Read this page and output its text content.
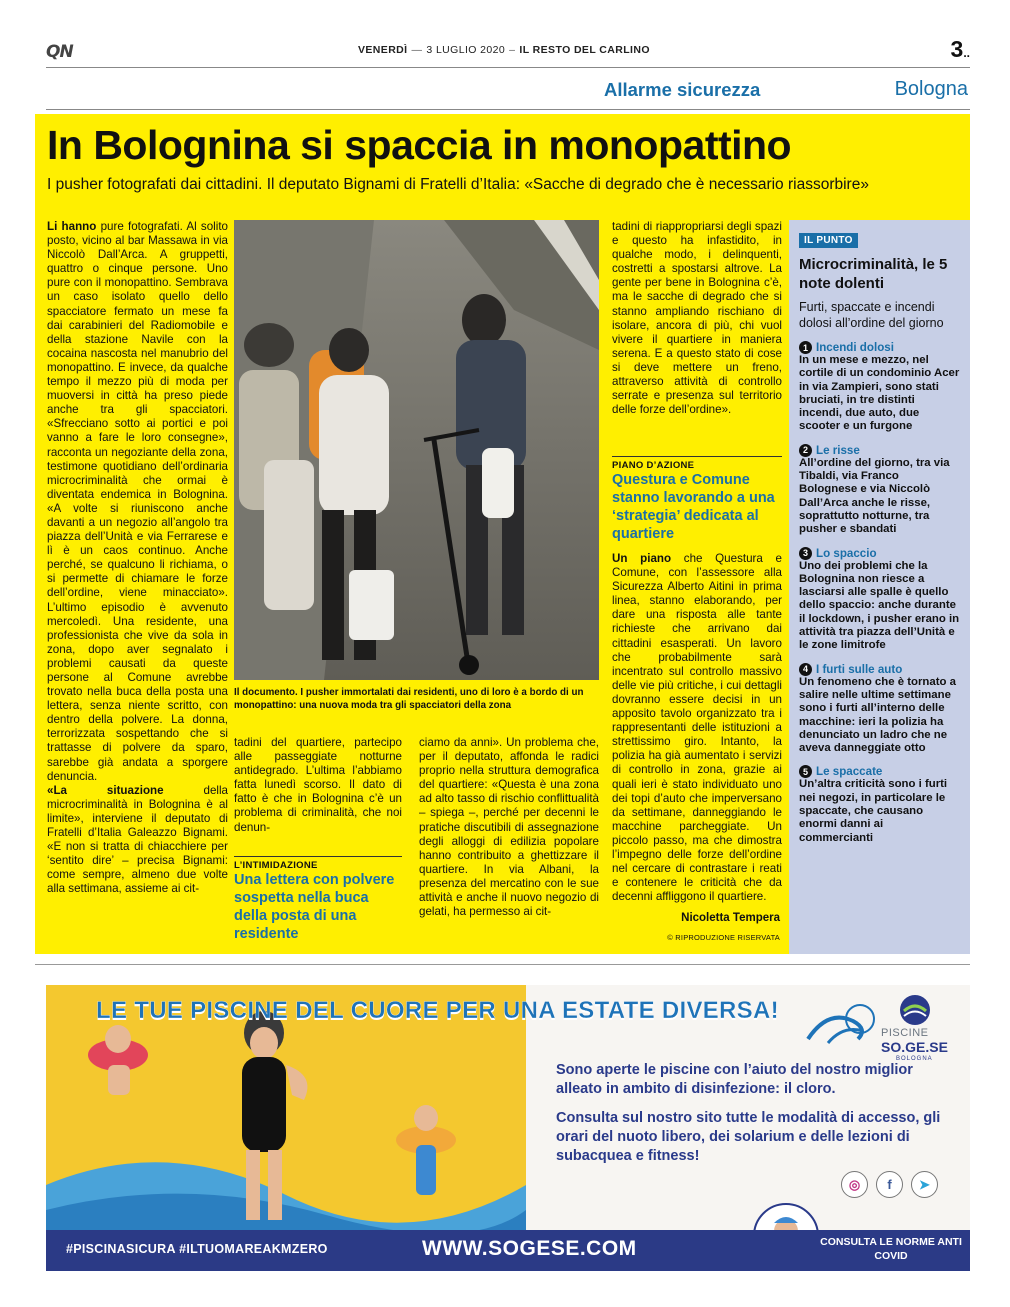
QN	VENERDÌ — 3 LUGLIO 2020 – IL RESTO DEL CARLINO	3..
Allarme sicurezza	Bologna
In Bolognina si spaccia in monopattino
I pusher fotografati dai cittadini. Il deputato Bignami di Fratelli d’Italia: «Sacche di degrado che è necessario riassorbire»
Li hanno pure fotografati. Al solito posto, vicino al bar Massawa in via Niccolò Dall’Arca. A gruppetti, quattro o cinque persone. Uno pure con il monopattino. Sembrava un caso isolato quello dello spacciatore fermato un mese fa dai carabinieri del Radiomobile e della stazione Navile con la cocaina nascosta nel manubrio del monopattino. E invece, da qualche tempo il mezzo più di moda per muoversi in città ha preso piede anche tra gli spacciatori. «Sfrecciano sotto ai portici e poi vanno a fare le loro consegne», racconta un negoziante della zona, testimone quotidiano dell’ordinaria microcriminalità che ormai è diventata endemica in Bolognina. «A volte si riuniscono anche davanti a un negozio all’angolo tra piazza dell’Unità e via Ferrarese e lì è un caos continuo. Anche perché, se qualcuno li richiama, o si permette di chiamare le forze dell’ordine, viene minacciato». L’ultimo episodio è avvenuto mercoledì. Una residente, una professionista che vive da sola in zona, dopo aver segnalato i problemi causati da queste persone al Comune avrebbe trovato nella buca della posta una lettera, senza niente scritto, con dentro della polvere. La donna, terrorizzata sospettando che si trattasse di polvere da sparo, sarebbe già andata a sporgere denuncia.
«La situazione della microcriminalità in Bolognina è al limite», interviene il deputato di Fratelli d’Italia Galeazzo Bignami. «E non si tratta di chiacchiere per ‘sentito dire’ – precisa Bignami: come sempre, almeno due volte alla settimana, assieme ai cit-
Il documento. I pusher immortalati dai residenti, uno di loro è a bordo di un monopattino: una nuova moda tra gli spacciatori della zona
tadini del quartiere, partecipo alle passeggiate notturne antidegrado. L’ultima l’abbiamo fatta lunedì scorso. Il dato di fatto è che in Bolognina c’è un problema di criminalità, che noi denun-
ciamo da anni». Un problema che, per il deputato, affonda le radici proprio nella struttura demografica del quartiere: «Questa è una zona ad alto tasso di rischio conflittualità – spiega –, perché per decenni le pratiche discutibili di assegnazione degli alloggi di edilizia popolare hanno contribuito a ghettizzare il quartiere. In via Albani, la presenza del mercatino con le sue attività e anche il nuovo negozio di gelati, ha permesso ai cit-
L’INTIMIDAZIONE
Una lettera con polvere sospetta nella buca della posta di una residente
tadini di riappropriarsi degli spazi e questo ha infastidito, in qualche modo, i delinquenti, costretti a spostarsi altrove. La gente per bene in Bolognina c’è, ma le sacche di degrado che si stanno ampliando rischiano di isolare, ancora di più, chi vuol vivere il quartiere in maniera serena. E a questo stato di cose si deve mettere un freno, attraverso attività di controllo serrate e presenza sul territorio delle forze dell’ordine».
PIANO D’AZIONE
Questura e Comune stanno lavorando a una ‘strategia’ dedicata al quartiere
Un piano che Questura e Comune, con l’assessore alla Sicurezza Alberto Aitini in prima linea, stanno elaborando, per dare una risposta alle tante richieste che arrivano dai cittadini esasperati. Un lavoro che probabilmente sarà incentrato sul controllo massivo delle vie più critiche, i cui dettagli dovranno essere decisi in un apposito tavolo organizzato tra i rappresentanti delle istituzioni a strettissimo giro. Intanto, la polizia ha già aumentato i servizi di controllo in zona, grazie ai quali ieri è stato individuato uno dei topi d’auto che imperversano da settimane, danneggiando le macchine parcheggiate. Un piccolo passo, ma che dimostra l’impegno delle forze dell’ordine nel cercare di contrastare i reati e contenere le criticità che da decenni affliggono il quartiere.
Nicoletta Tempera
© RIPRODUZIONE RISERVATA
IL PUNTO
Microcriminalità, le 5 note dolenti
Furti, spaccate e incendi dolosi all’ordine del giorno
1 Incendi dolosi
In un mese e mezzo, nel cortile di un condominio Acer in via Zampieri, sono stati bruciati, in tre distinti incendi, due auto, due scooter e un furgone
2 Le risse
All’ordine del giorno, tra via Tibaldi, via Franco Bolognese e via Niccolò Dall’Arca anche le risse, soprattutto notturne, tra pusher e sbandati
3 Lo spaccio
Uno dei problemi che la Bolognina non riesce a lasciarsi alle spalle è quello dello spaccio: anche durante il lockdown, i pusher erano in attività tra piazza dell’Unità e le zone limitrofe
4 I furti sulle auto
Un fenomeno che è tornato a salire nelle ultime settimane sono i furti all’interno delle macchine: ieri la polizia ha denunciato un ladro che ne aveva danneggiate otto
5 Le spaccate
Un’altra criticità sono i furti nei negozi, in particolare le spaccate, che causano enormi danni ai commercianti
LE TUE PISCINE DEL CUORE PER UNA ESTATE DIVERSA!
Sono aperte le piscine con l’aiuto del nostro miglior alleato in ambito di disinfezione: il cloro.
Consulta sul nostro sito tutte le modalità di accesso, gli orari del nuoto libero, dei solarium e delle lezioni di subacquea e fitness!
PISCINE
SO.GE.SE
BOLOGNA
◎	f	➤
#PISCINASICURA #ILTUOMAREAKMZERO	WWW.SOGESE.COM	CONSULTA LE NORME ANTI COVID
